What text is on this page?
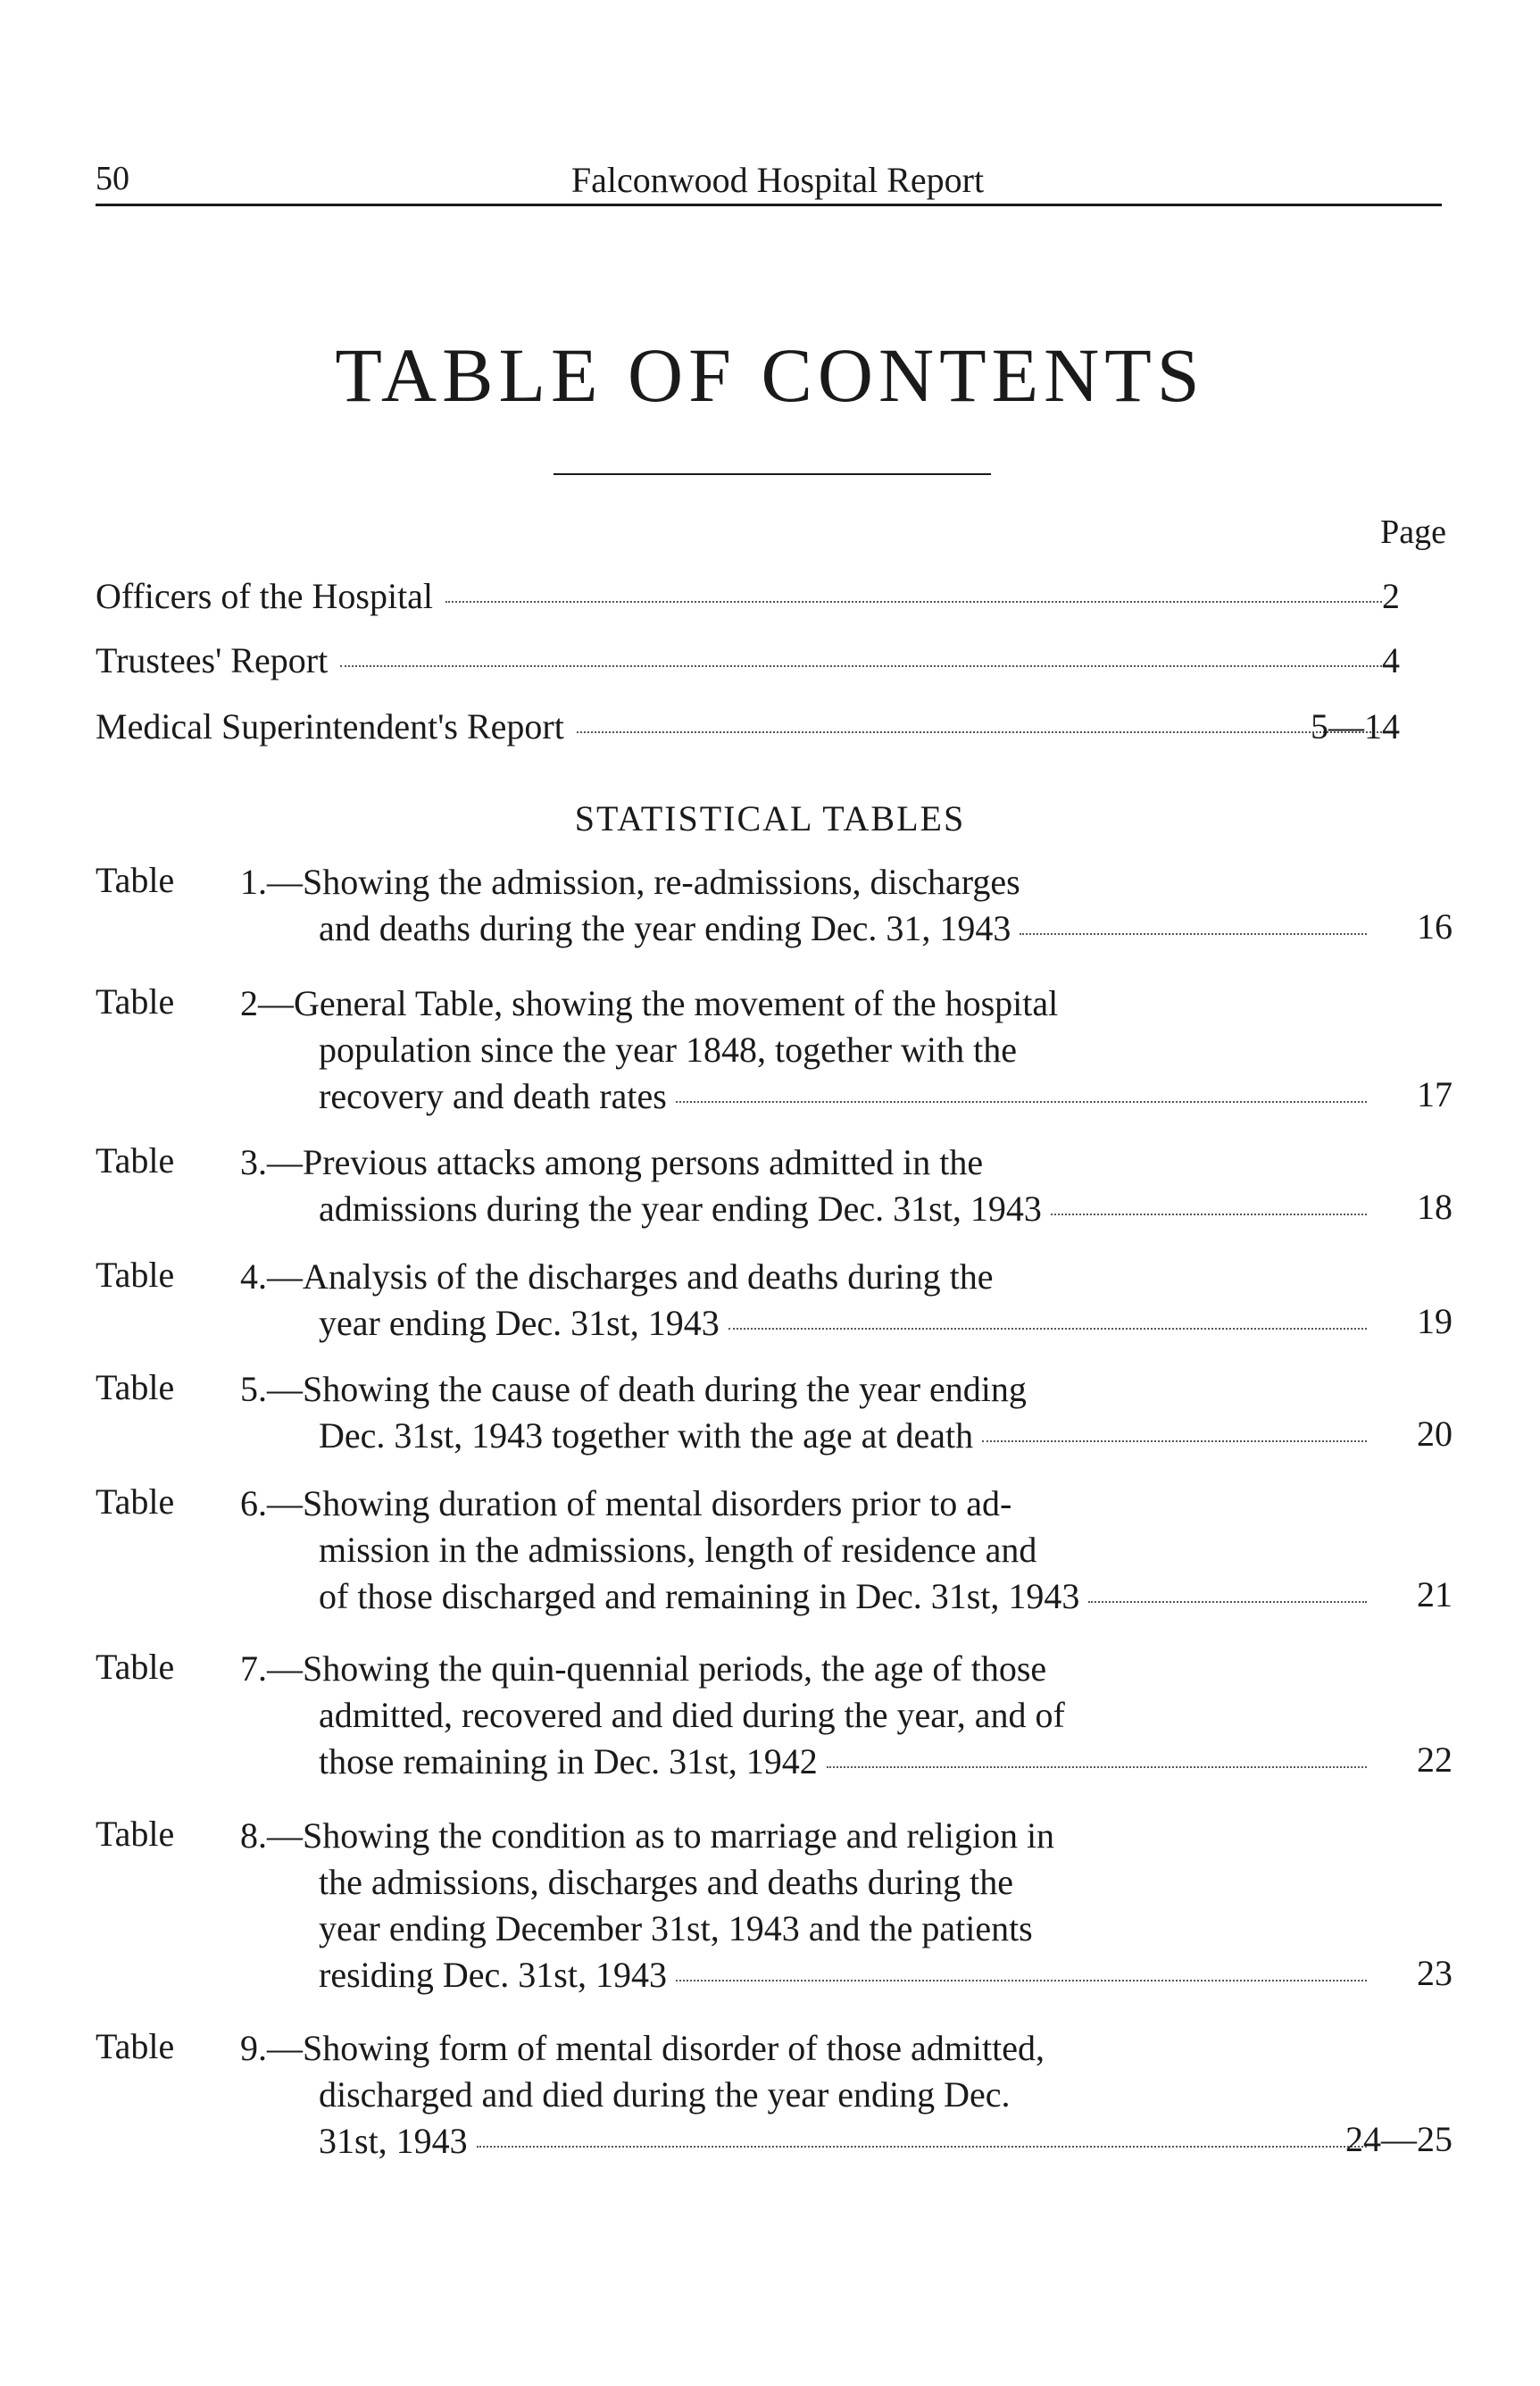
50	Falconwood Hospital Report
TABLE OF CONTENTS
Page
Officers of the Hospital	2
Trustees' Report	4
Medical Superintendent's Report	5—14
STATISTICAL TABLES
Table 1.—Showing the admission, re-admissions, discharges
and deaths during the year ending Dec. 31, 1943	16
Table 2—General Table, showing the movement of the hospital
population since the year 1848, together with the
recovery and death rates	17
Table 3.—Previous attacks among persons admitted in the
admissions during the year ending Dec. 31st, 1943	18
Table 4.—Analysis of the discharges and deaths during the
year ending Dec. 31st, 1943	19
Table 5.—Showing the cause of death during the year ending
Dec. 31st, 1943 together with the age at death	20
Table 6.—Showing duration of mental disorders prior to ad-
mission in the admissions, length of residence and
of those discharged and remaining in Dec. 31st, 1943	21
Table 7.—Showing the quin-quennial periods, the age of those
admitted, recovered and died during the year, and of
those remaining in Dec. 31st, 1942	22
Table 8.—Showing the condition as to marriage and religion in
the admissions, discharges and deaths during the
year ending December 31st, 1943 and the patients
residing Dec. 31st, 1943	23
Table 9.—Showing form of mental disorder of those admitted,
discharged and died during the year ending Dec.
31st, 1943	24—25
